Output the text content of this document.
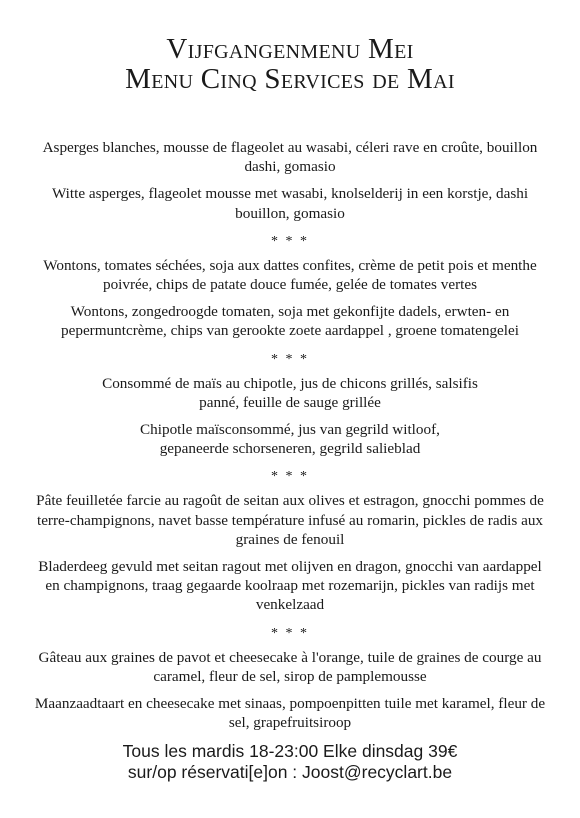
Vijfgangenmenu Mei
Menu Cinq Services de Mai

Asperges blanches, mousse de flageolet au wasabi, céleri rave en croûte, bouillon dashi, gomasio

Witte asperges, flageolet mousse met wasabi, knolselderij in een korstje, dashi bouillon, gomasio

* * *

Wontons, tomates séchées, soja aux dattes confites, crème de petit pois et menthe poivrée, chips de patate douce fumée, gelée de tomates vertes

Wontons, zongedroogde tomaten, soja met gekonfijte dadels, erwten- en pepermuntcrème, chips van gerookte zoete aardappel , groene tomatengelei

* * *

Consommé de maïs au chipotle, jus de chicons grillés, salsifis panné, feuille de sauge grillée

Chipotle maïsconsommé, jus van gegrild witloof, gepaneerde schorseneren, gegrild salieblad

* * *

Pâte feuilletée farcie au ragoût de seitan aux olives et estragon, gnocchi pommes de terre-champignons, navet basse température infusé au romarin, pickles de radis aux graines de fenouil

Bladerdeeg gevuld met seitan ragout met olijven en dragon, gnocchi van aardappel en champignons, traag gegaarde koolraap met rozemarijn, pickles van radijs met venkelzaad

* * *

Gâteau aux graines de pavot et cheesecake à l'orange, tuile de graines de courge au caramel, fleur de sel, sirop de pamplemousse

Maanzaadtaart en cheesecake met sinaas, pompoenpitten tuile met karamel, fleur de sel, grapefruitsiroop

Tous les mardis 18-23:00 Elke dinsdag 39€

sur/op réservati[e]on : Joost@recyclart.be
